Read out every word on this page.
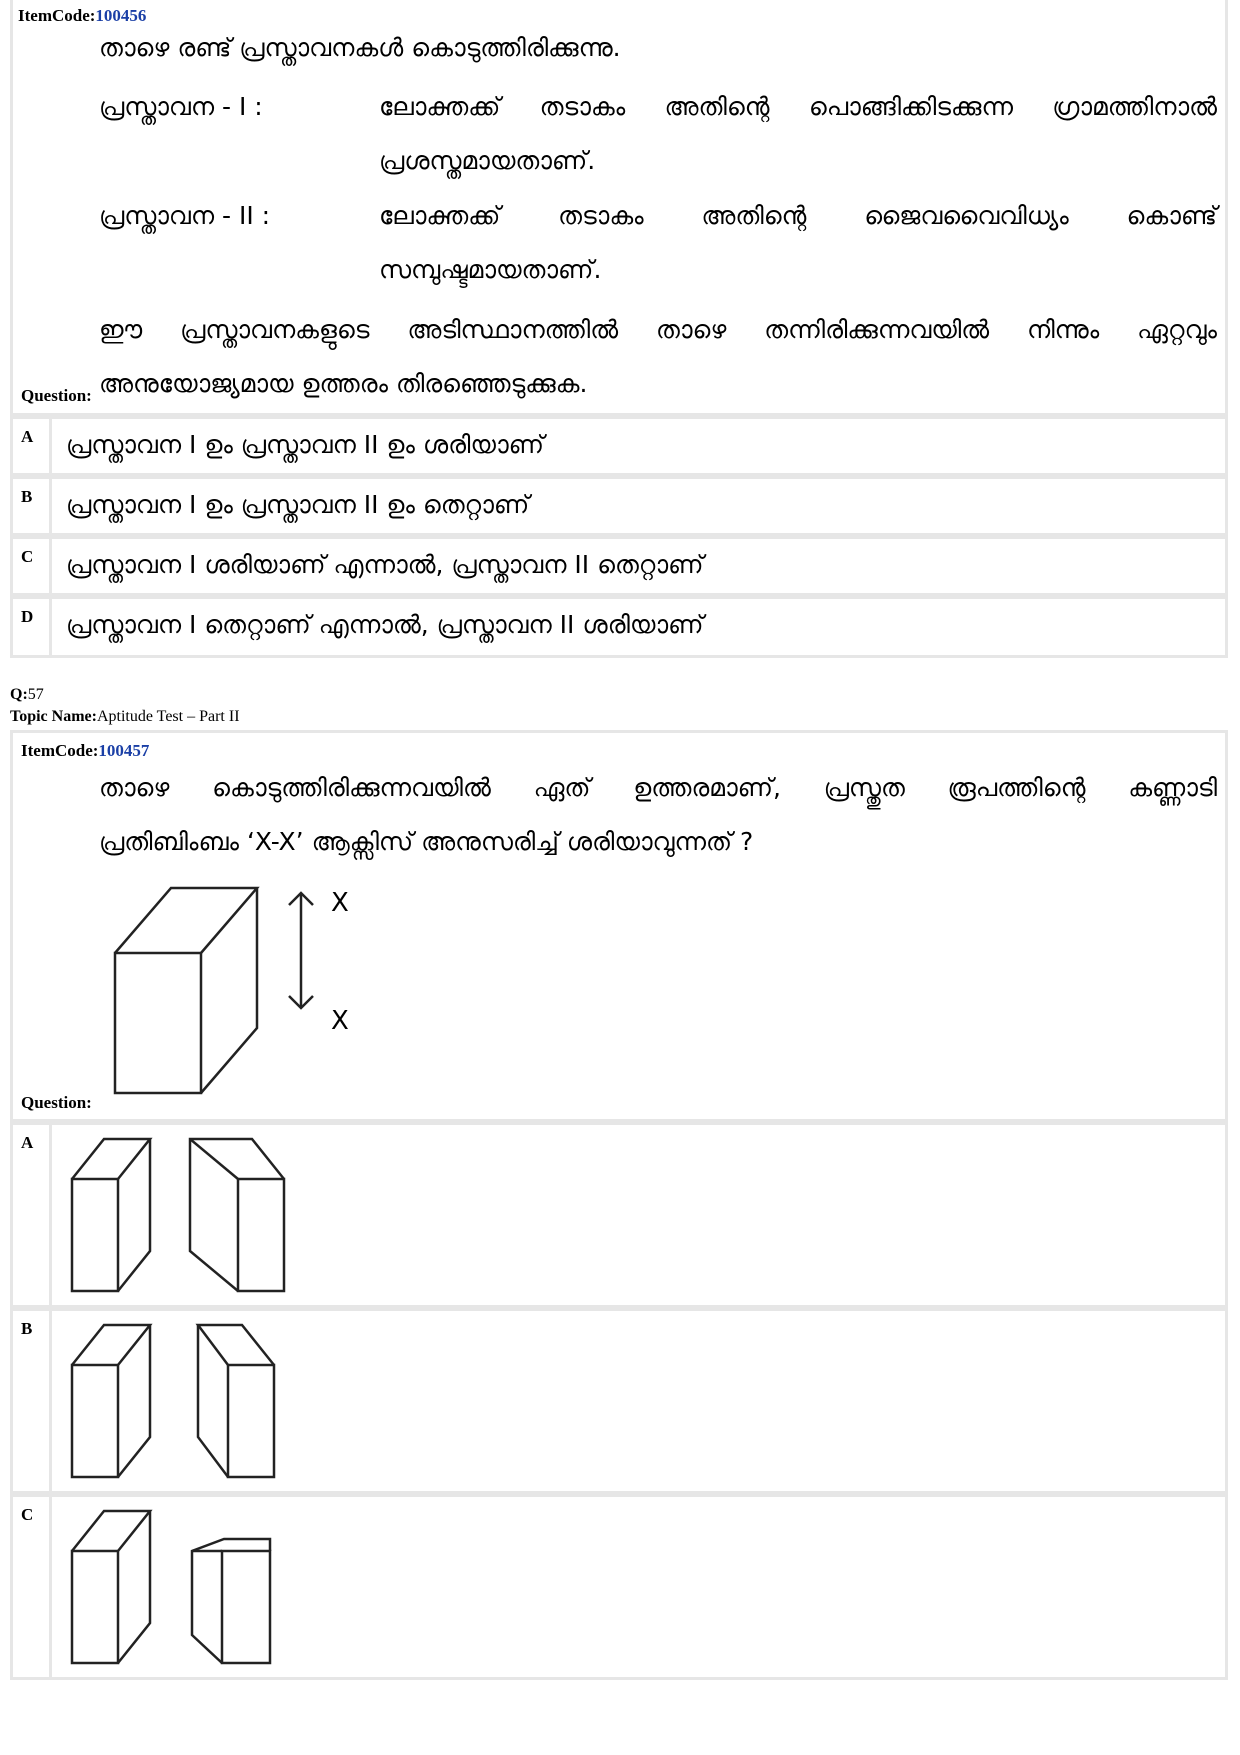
ItemCode:100456
താഴെ രണ്ട് പ്രസ്താവനകൾ കൊടുത്തിരിക്കുന്നു.
പ്രസ്താവന - I :	ലോക്തക്ക് തടാകം അതിന്റെ പൊങ്ങിക്കിടക്കുന്ന ഗ്രാമത്തിനാൽ
പ്രശസ്തമായതാണ്.
പ്രസ്താവന - II :	ലോക്തക്ക് തടാകം അതിന്റെ ജൈവവൈവിധ്യം കൊണ്ട്
സമ്പുഷ്ടമായതാണ്.
ഈ പ്രസ്താവനകളുടെ അടിസ്ഥാനത്തിൽ താഴെ തന്നിരിക്കുന്നവയിൽ നിന്നും ഏറ്റവും
അനുയോജ്യമായ ഉത്തരം തിരഞ്ഞെടുക്കുക.
Question:
A പ്രസ്താവന I ഉം പ്രസ്താവന II ഉം ശരിയാണ്
B പ്രസ്താവന I ഉം പ്രസ്താവന II ഉം തെറ്റാണ്
C പ്രസ്താവന I ശരിയാണ് എന്നാൽ, പ്രസ്താവന II തെറ്റാണ്
D പ്രസ്താവന I തെറ്റാണ് എന്നാൽ, പ്രസ്താവന II ശരിയാണ്
Q:57
Topic Name:Aptitude Test – Part II
ItemCode:100457
താഴെ കൊടുത്തിരിക്കുന്നവയിൽ ഏത് ഉത്തരമാണ്, പ്രസ്തുത രൂപത്തിന്റെ കണ്ണാടി
പ്രതിബിംബം ‘X-X’ ആക്സിസ് അനുസരിച്ച് ശരിയാവുന്നത് ?
X
X
Question:
A
B
C
